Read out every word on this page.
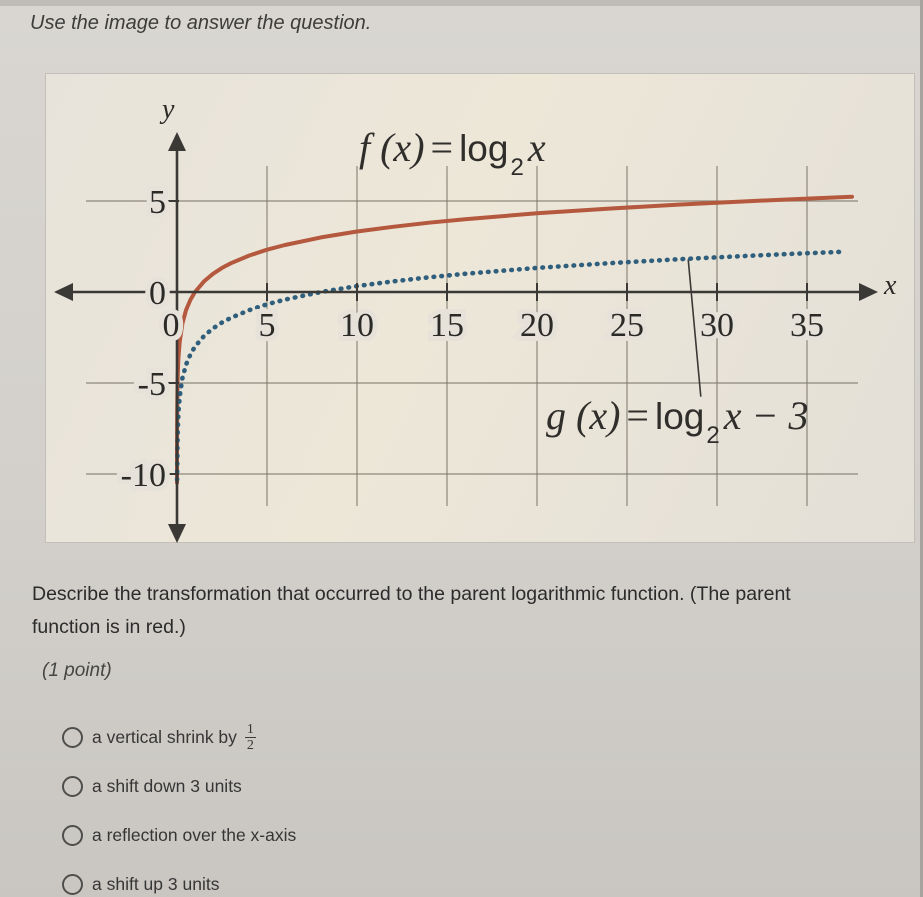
Use the image to answer the question.
0 5 10 15 20 25 30 35
5
0
-5
-10
y
x
f $(x) = \log_2 x$
g $(x) = \log_2 x - 3$
Describe the transformation that occurred to the parent logarithmic function. (The parent
function is in red.)
(1 point)
a vertical shrink by $\frac{1}{2}$
a shift down 3 units
a reflection over the x-axis
a shift up 3 units
